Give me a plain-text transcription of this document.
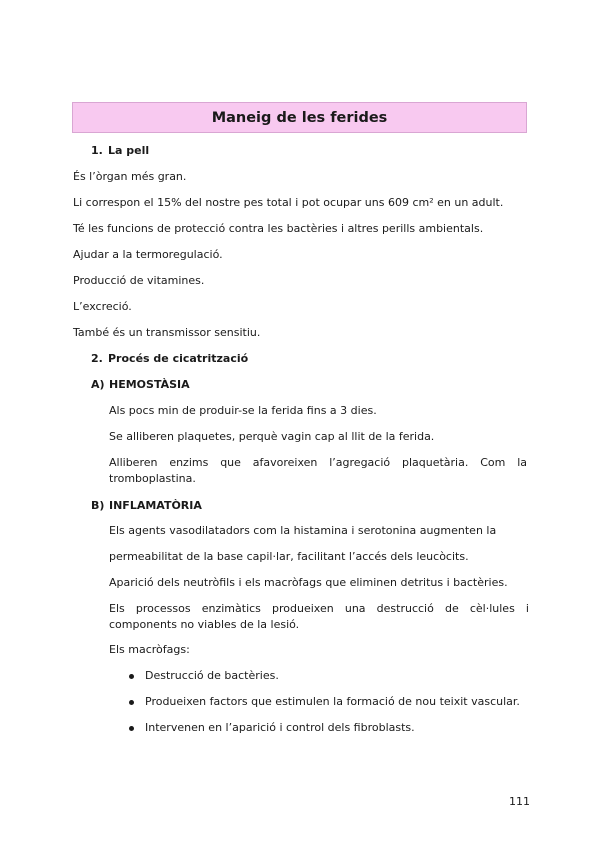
Maneig de les ferides
1. La pell
És l’òrgan més gran.
Li correspon el 15% del nostre pes total i pot ocupar uns 609 cm² en un adult.
Té les funcions de protecció contra les bactèries i altres perills ambientals.
Ajudar a la termoregulació.
Producció de vitamines.
L’excreció.
També és un transmissor sensitiu.
2. Procés de cicatrització
A) HEMOSTÀSIA
Als pocs min de produir-se la ferida fins a 3 dies.
Se alliberen plaquetes, perquè vagin cap al llit de la ferida.
Alliberen enzims que afavoreixen l’agregació plaquetària. Com la tromboplastina.
B) INFLAMATÒRIA
Els agents vasodilatadors com la histamina i serotonina augmenten la
permeabilitat de la base capil·lar, facilitant l’accés dels leucòcits.
Aparició dels neutròfils i els macròfags que eliminen detritus i bactèries.
Els processos enzimàtics produeixen una destrucció de cèl·lules i components no viables de la lesió.
Els macròfags:
Destrucció de bactèries.
Produeixen factors que estimulen la formació de nou teixit vascular.
Intervenen en l’aparició i control dels fibroblasts.
111
